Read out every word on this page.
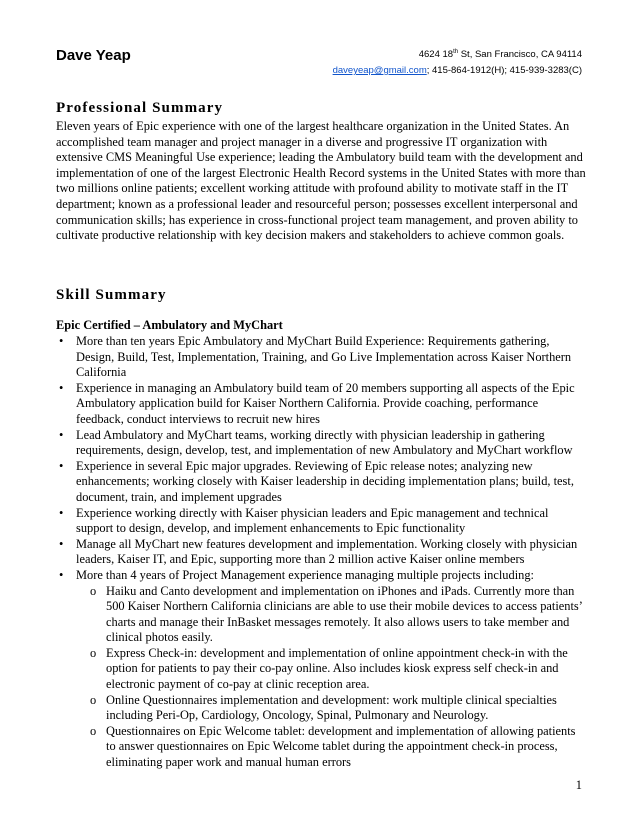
Dave Yeap	4624 18th St, San Francisco, CA 94114
daveyeap@gmail.com; 415-864-1912(H); 415-939-3283(C)
Professional Summary

Eleven years of Epic experience with one of the largest healthcare organization in the United States. An accomplished team manager and project manager in a diverse and progressive IT organization with extensive CMS Meaningful Use experience; leading the Ambulatory build team with the development and implementation of one of the largest Electronic Health Record systems in the United States with more than two millions online patients; excellent working attitude with profound ability to motivate staff in the IT department; known as a professional leader and resourceful person; possesses excellent interpersonal and communication skills; has experience in cross-functional project team management, and proven ability to cultivate productive relationship with key decision makers and stakeholders to achieve common goals.

Skill Summary
Epic Certified – Ambulatory and MyChart
• More than ten years Epic Ambulatory and MyChart Build Experience: Requirements gathering, Design, Build, Test, Implementation, Training, and Go Live Implementation across Kaiser Northern California
• Experience in managing an Ambulatory build team of 20 members supporting all aspects of the Epic Ambulatory application build for Kaiser Northern California. Provide coaching, performance feedback, conduct interviews to recruit new hires
• Lead Ambulatory and MyChart teams, working directly with physician leadership in gathering requirements, design, develop, test, and implementation of new Ambulatory and MyChart workflow
• Experience in several Epic major upgrades. Reviewing of Epic release notes; analyzing new enhancements; working closely with Kaiser leadership in deciding implementation plans; build, test, document, train, and implement upgrades
• Experience working directly with Kaiser physician leaders and Epic management and technical support to design, develop, and implement enhancements to Epic functionality
• Manage all MyChart new features development and implementation. Working closely with physician leaders, Kaiser IT, and Epic, supporting more than 2 million active Kaiser online members
• More than 4 years of Project Management experience managing multiple projects including:
o Haiku and Canto development and implementation on iPhones and iPads. Currently more than 500 Kaiser Northern California clinicians are able to use their mobile devices to access patients’ charts and manage their InBasket messages remotely. It also allows users to take member and clinical photos easily.
o Express Check-in: development and implementation of online appointment check-in with the option for patients to pay their co-pay online. Also includes kiosk express self check-in and electronic payment of co-pay at clinic reception area.
o Online Questionnaires implementation and development: work multiple clinical specialties including Peri-Op, Cardiology, Oncology, Spinal, Pulmonary and Neurology.
o Questionnaires on Epic Welcome tablet: development and implementation of allowing patients to answer questionnaires on Epic Welcome tablet during the appointment check-in process, eliminating paper work and manual human errors
1
